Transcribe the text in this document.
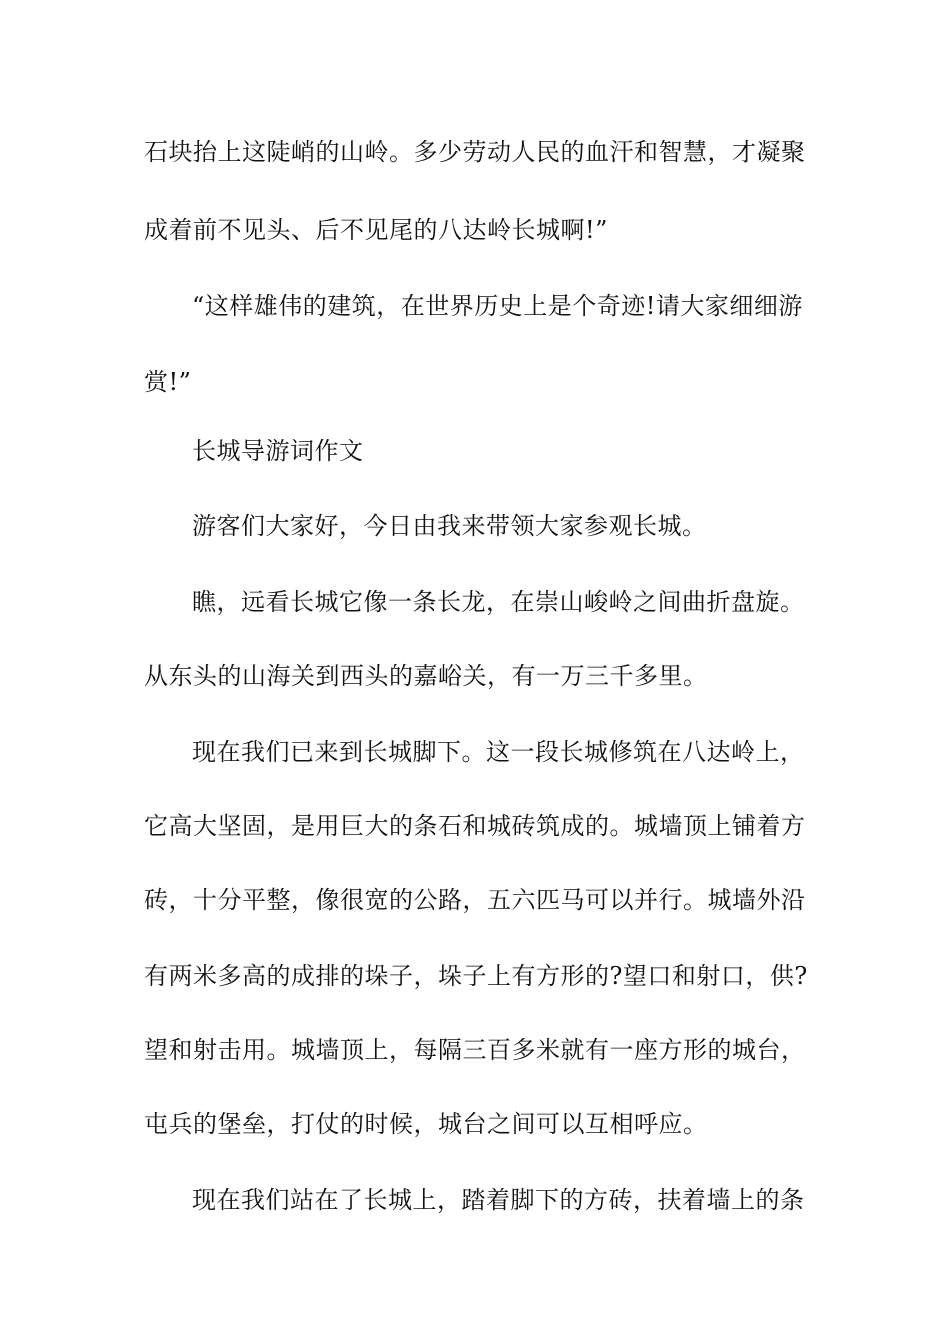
石块抬上这陡峭的山岭。多少劳动人民的血汗和智慧，才凝聚
成着前不见头、后不见尾的八达岭长城啊!”
“这样雄伟的建筑，在世界历史上是个奇迹!请大家细细游
赏!”
长城导游词作文
游客们大家好，今日由我来带领大家参观长城。
瞧，远看长城它像一条长龙，在崇山峻岭之间曲折盘旋。
从东头的山海关到西头的嘉峪关，有一万三千多里。
现在我们已来到长城脚下。这一段长城修筑在八达岭上，
它高大坚固，是用巨大的条石和城砖筑成的。城墙顶上铺着方
砖，十分平整，像很宽的公路，五六匹马可以并行。城墙外沿
有两米多高的成排的垛子，垛子上有方形的?望口和射口，供?
望和射击用。城墙顶上，每隔三百多米就有一座方形的城台，
屯兵的堡垒，打仗的时候，城台之间可以互相呼应。
现在我们站在了长城上，踏着脚下的方砖，扶着墙上的条
